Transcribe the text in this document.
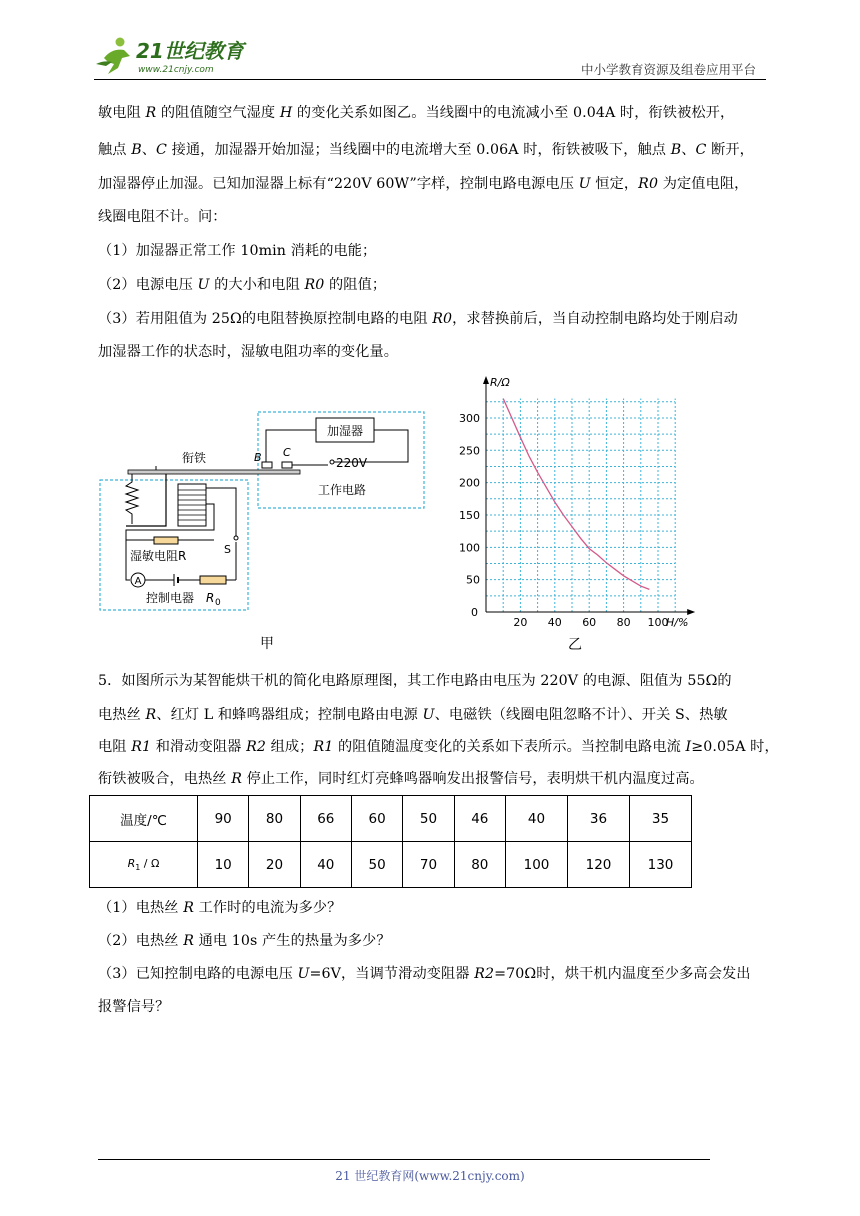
21世纪教育
www.21cnjy.com	中小学教育资源及组卷应用平台
敏电阻 R 的阻值随空气湿度 H 的变化关系如图乙。当线圈中的电流减小至 0.04A 时，衔铁被松开，
触点 B、C 接通，加湿器开始加湿；当线圈中的电流增大至 0.06A 时，衔铁被吸下，触点 B、C 断开，
加湿器停止加湿。已知加湿器上标有“220V 60W”字样，控制电路电源电压 U 恒定，R0 为定值电阻，
线圈电阻不计。问：
（1）加湿器正常工作 10min 消耗的电能；
（2）电源电压 U 的大小和电阻 R0 的阻值；
（3）若用阻值为 25Ω的电阻替换原控制电路的电阻 R0，求替换前后，当自动控制电路均处于刚启动
加湿器工作的状态时，湿敏电阻功率的变化量。
加湿器
220V
B C
工作电路
衔铁
S
湿敏电阻R
A
控制电器 R 0
甲
R/Ω
H/%
0
20 40 60 80 100
50
100
150
200
250
300
乙
5．如图所示为某智能烘干机的简化电路原理图，其工作电路由电压为 220V 的电源、阻值为 55Ω的
电热丝 R、红灯 L 和蜂鸣器组成；控制电路由电源 U、电磁铁（线圈电阻忽略不计）、开关 S、热敏
电阻 R1 和滑动变阻器 R2 组成；R1 的阻值随温度变化的关系如下表所示。当控制电路电流 I≥0.05A 时，
衔铁被吸合，电热丝 R 停止工作，同时红灯亮蜂鸣器响发出报警信号，表明烘干机内温度过高。
温度/℃	90	80	66	60	50	46	40	36	35
$R_1$ / Ω	10	20	40	50	70	80	100	120	130
（1）电热丝 R 工作时的电流为多少？
（2）电热丝 R 通电 10s 产生的热量为多少？
（3）已知控制电路的电源电压 U=6V，当调节滑动变阻器 R2=70Ω时，烘干机内温度至少多高会发出
报警信号？
21 世纪教育网(www.21cnjy.com)
